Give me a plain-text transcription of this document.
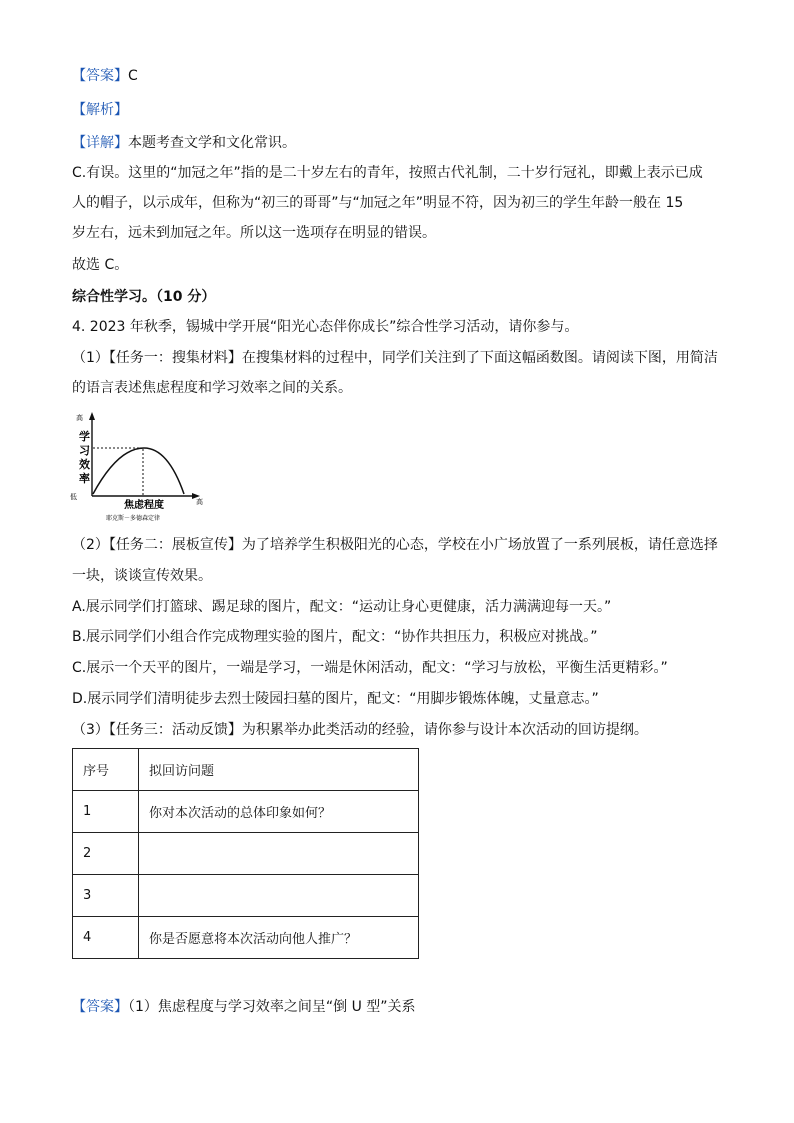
【答案】C
【解析】
【详解】本题考查文学和文化常识。
C.有误。这里的“加冠之年”指的是二十岁左右的青年，按照古代礼制，二十岁行冠礼，即戴上表示已成
人的帽子，以示成年，但称为“初三的哥哥”与“加冠之年”明显不符，因为初三的学生年龄一般在 15
岁左右，远未到加冠之年。所以这一选项存在明显的错误。
故选 C。
综合性学习。（10 分）
4. 2023 年秋季，锡城中学开展“阳光心态伴你成长”综合性学习活动，请你参与。
（1）【任务一：搜集材料】在搜集材料的过程中，同学们关注到了下面这幅函数图。请阅读下图，用简洁
的语言表述焦虑程度和学习效率之间的关系。
高
学
习
效
率
低
高
焦虑程度
耶克斯－多德森定律
（2）【任务二：展板宣传】为了培养学生积极阳光的心态，学校在小广场放置了一系列展板，请任意选择
一块，谈谈宣传效果。
A.展示同学们打篮球、踢足球的图片，配文：“运动让身心更健康，活力满满迎每一天。”
B.展示同学们小组合作完成物理实验的图片，配文：“协作共担压力，积极应对挑战。”
C.展示一个天平的图片，一端是学习，一端是休闲活动，配文：“学习与放松，平衡生活更精彩。”
D.展示同学们清明徒步去烈士陵园扫墓的图片，配文：“用脚步锻炼体魄，丈量意志。”
（3）【任务三：活动反馈】为积累举办此类活动的经验，请你参与设计本次活动的回访提纲。
序号	拟回访问题
1	你对本次活动的总体印象如何？
2	
3	
4	你是否愿意将本次活动向他人推广？
【答案】（1）焦虑程度与学习效率之间呈“倒 U 型”关系
